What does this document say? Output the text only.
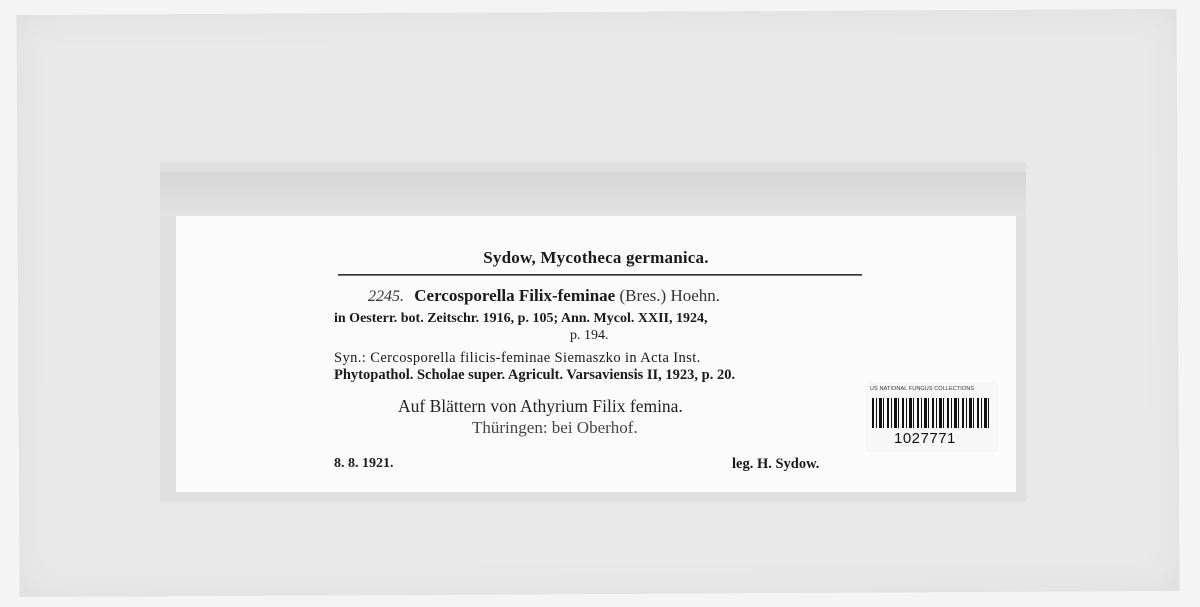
Sydow, Mycotheca germanica.
2245. Cercosporella Filix-feminae (Bres.) Hoehn.
in Oesterr. bot. Zeitschr. 1916, p. 105; Ann. Mycol. XXII, 1924,
p. 194.
Syn.: Cercosporella filicis-feminae Siemaszko in Acta Inst.
Phytopathol. Scholae super. Agricult. Varsaviensis II, 1923, p. 20.
Auf Blättern von Athyrium Filix femina.
Thüringen: bei Oberhof.
8. 8. 1921.	leg. H. Sydow.
US NATIONAL FUNGUS COLLECTIONS
1027771
